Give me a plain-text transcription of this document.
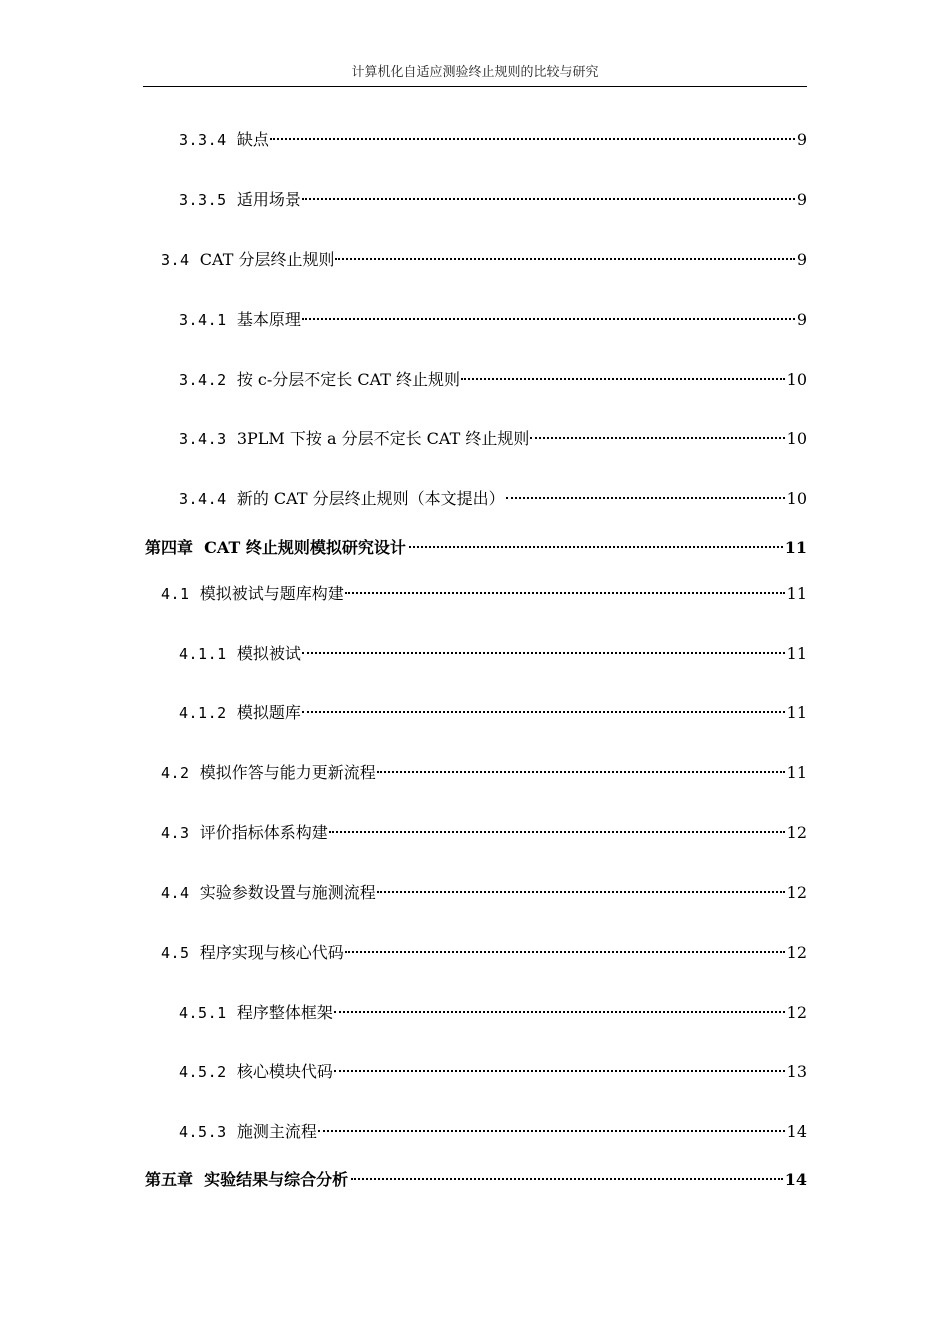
计算机化自适应测验终止规则的比较与研究
3.3.4 缺点	9
3.3.5 适用场景	9
3.4 CAT 分层终止规则	9
3.4.1 基本原理	9
3.4.2 按 c-分层不定长 CAT 终止规则	10
3.4.3 3PLM 下按 a 分层不定长 CAT 终止规则	10
3.4.4 新的 CAT 分层终止规则（本文提出）	10
第四章 CAT 终止规则模拟研究设计	11
4.1 模拟被试与题库构建	11
4.1.1 模拟被试	11
4.1.2 模拟题库	11
4.2 模拟作答与能力更新流程	11
4.3 评价指标体系构建	12
4.4 实验参数设置与施测流程	12
4.5 程序实现与核心代码	12
4.5.1 程序整体框架	12
4.5.2 核心模块代码	13
4.5.3 施测主流程	14
第五章 实验结果与综合分析	14
